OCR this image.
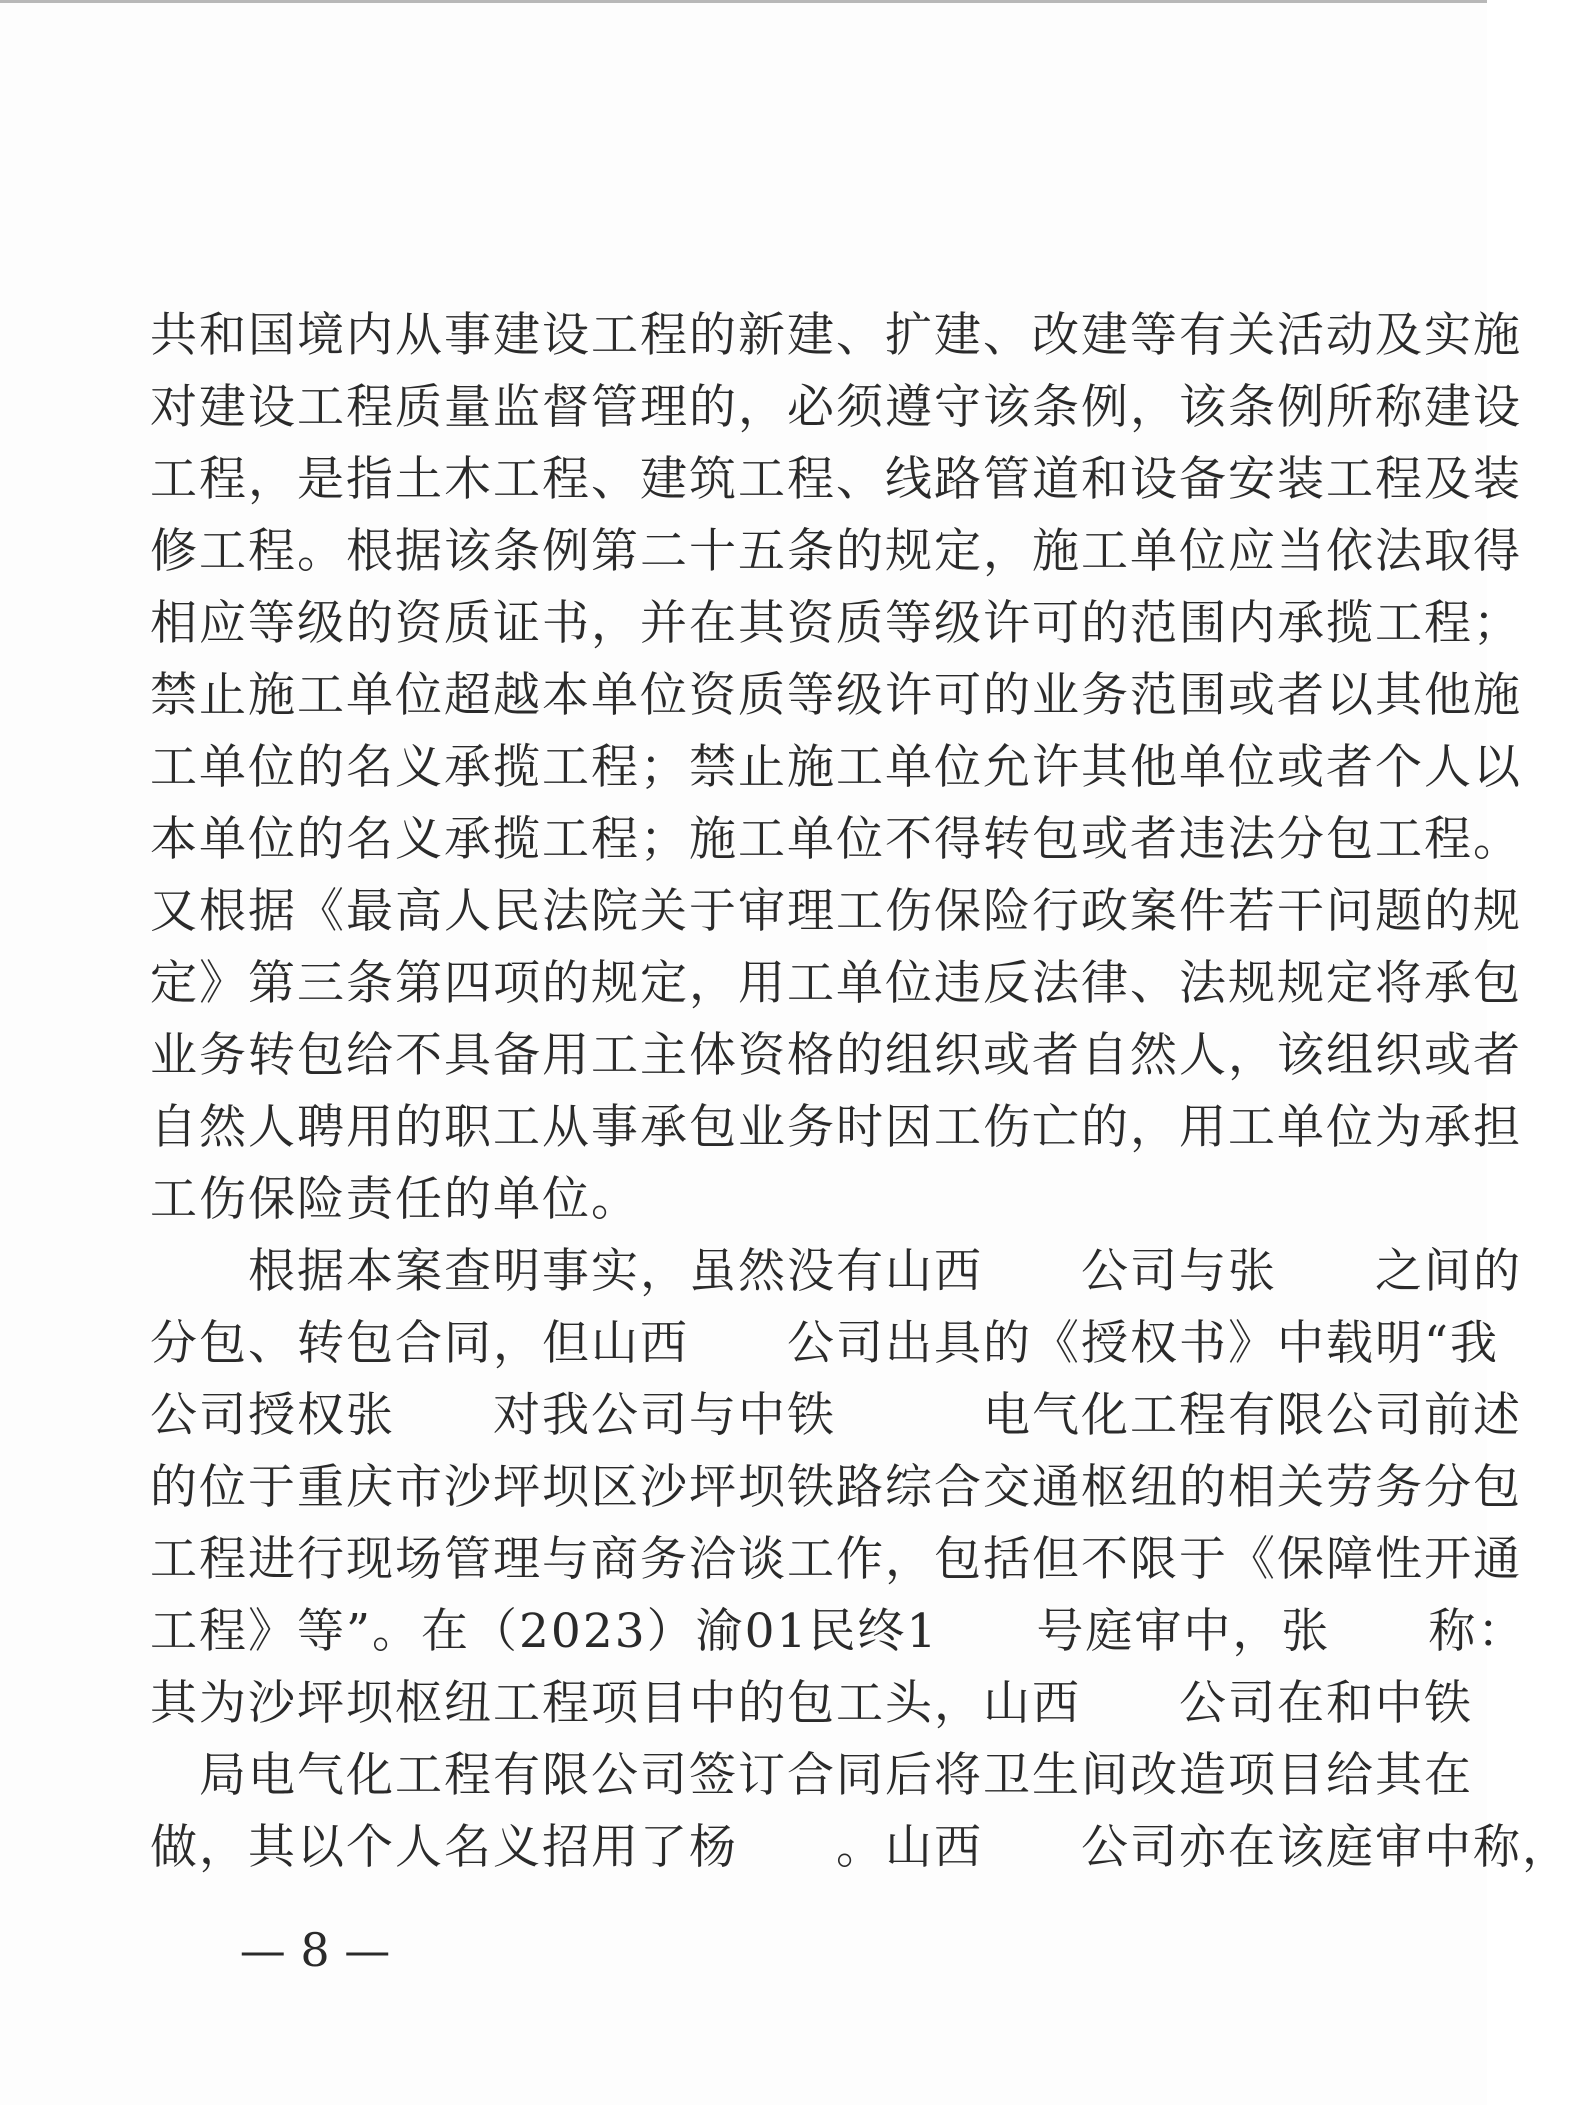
共和国境内从事建设工程的新建、扩建、改建等有关活动及实施
对建设工程质量监督管理的，必须遵守该条例，该条例所称建设
工程，是指土木工程、建筑工程、线路管道和设备安装工程及装
修工程。根据该条例第二十五条的规定，施工单位应当依法取得
相应等级的资质证书，并在其资质等级许可的范围内承揽工程；
禁止施工单位超越本单位资质等级许可的业务范围或者以其他施
工单位的名义承揽工程；禁止施工单位允许其他单位或者个人以
本单位的名义承揽工程；施工单位不得转包或者违法分包工程。
又根据《最高人民法院关于审理工伤保险行政案件若干问题的规
定》第三条第四项的规定，用工单位违反法律、法规规定将承包
业务转包给不具备用工主体资格的组织或者自然人，该组织或者
自然人聘用的职工从事承包业务时因工伤亡的，用工单位为承担
工伤保险责任的单位。
　　根据本案查明事实，虽然没有山西　　公司与张　　之间的
分包、转包合同，但山西　　公司出具的《授权书》中载明“我
公司授权张　　对我公司与中铁　　　电气化工程有限公司前述
的位于重庆市沙坪坝区沙坪坝铁路综合交通枢纽的相关劳务分包
工程进行现场管理与商务洽谈工作，包括但不限于《保障性开通
工程》等”。在（2023）渝01民终1　　号庭审中，张　　称：
其为沙坪坝枢纽工程项目中的包工头，山西　　公司在和中铁
　局电气化工程有限公司签订合同后将卫生间改造项目给其在
做，其以个人名义招用了杨　　。山西　　公司亦在该庭审中称，
— 8 —
